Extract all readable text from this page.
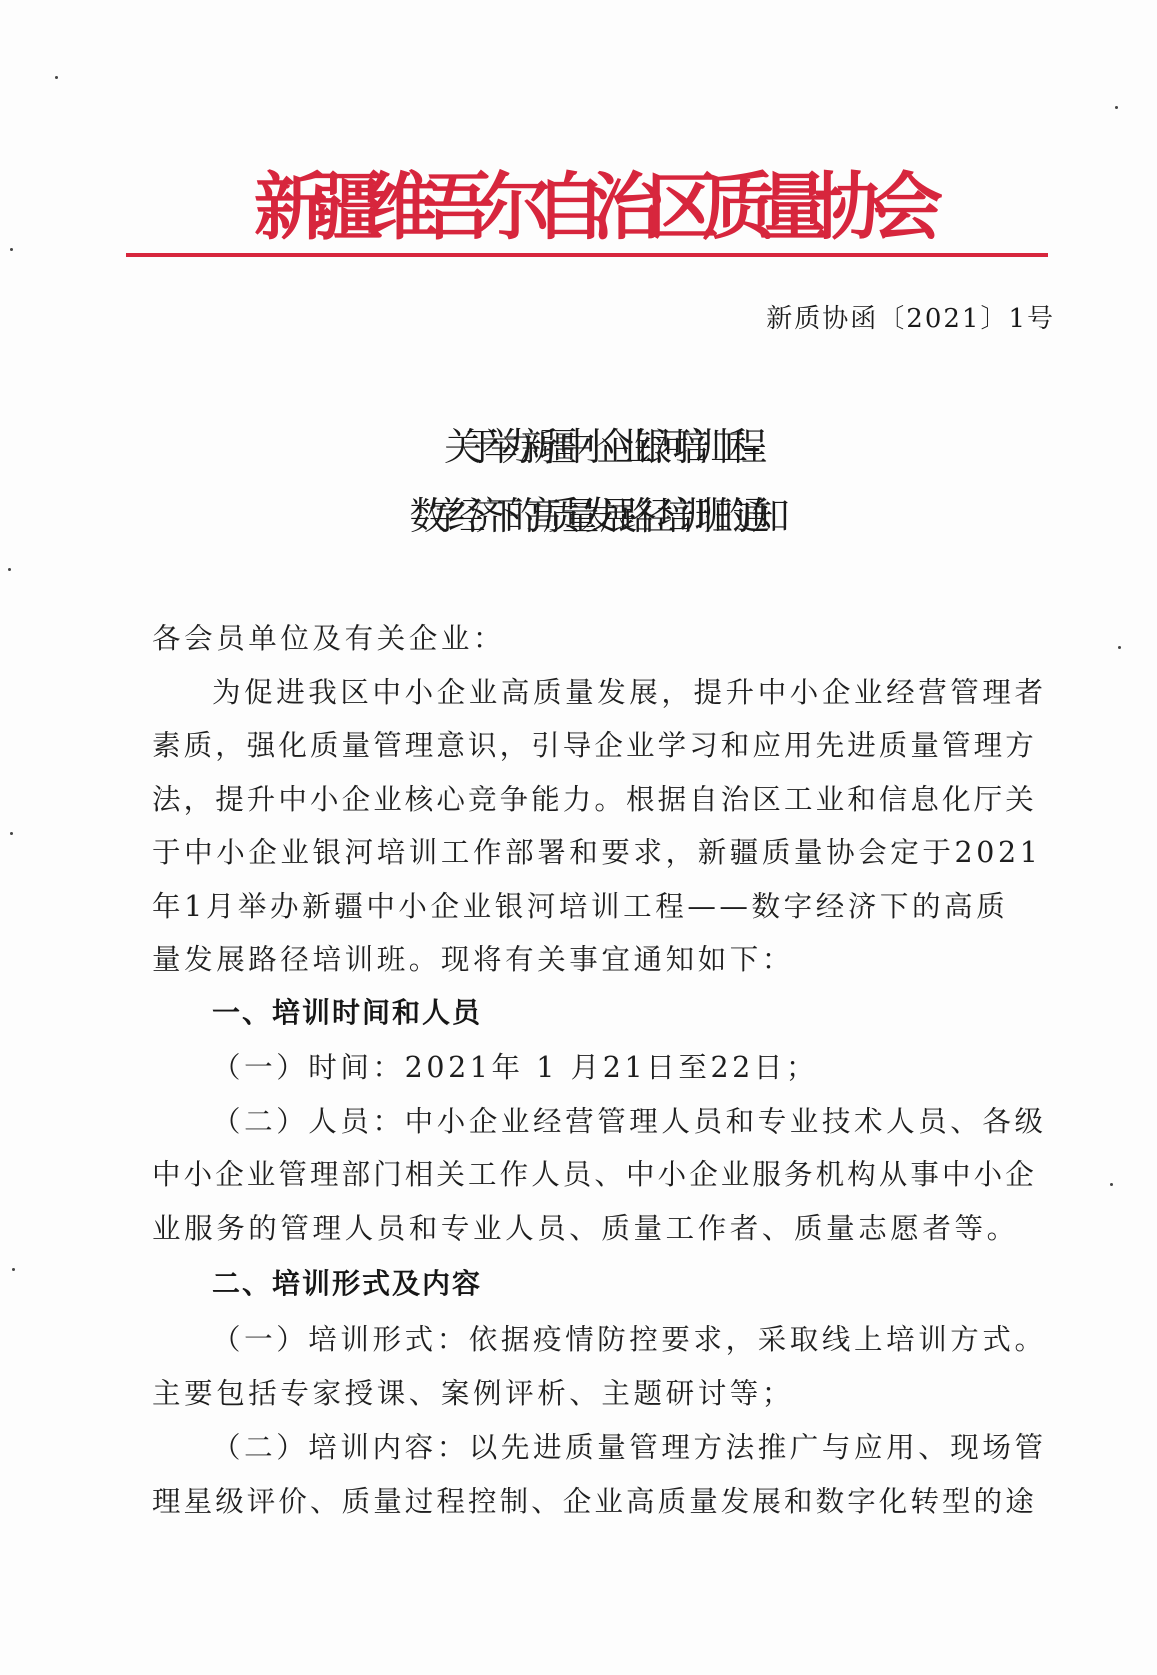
新疆维吾尔自治区质量协会
新质协函〔2021〕1号
关于举办新疆中小企业银河培训工程--
数字经济下的高质量发展路径培训班的通知
各会员单位及有关企业：
为促进我区中小企业高质量发展，提升中小企业经营管理者
素质，强化质量管理意识，引导企业学习和应用先进质量管理方
法，提升中小企业核心竞争能力。根据自治区工业和信息化厅关
于中小企业银河培训工作部署和要求，新疆质量协会定于2021
年1月举办新疆中小企业银河培训工程——数字经济下的高质
量发展路径培训班。现将有关事宜通知如下：
一、培训时间和人员
（一）时间：2021年 1 月21日至22日；
（二）人员：中小企业经营管理人员和专业技术人员、各级
中小企业管理部门相关工作人员、中小企业服务机构从事中小企
业服务的管理人员和专业人员、质量工作者、质量志愿者等。
二、培训形式及内容
（一）培训形式：依据疫情防控要求，采取线上培训方式。
主要包括专家授课、案例评析、主题研讨等；
（二）培训内容：以先进质量管理方法推广与应用、现场管
理星级评价、质量过程控制、企业高质量发展和数字化转型的途
